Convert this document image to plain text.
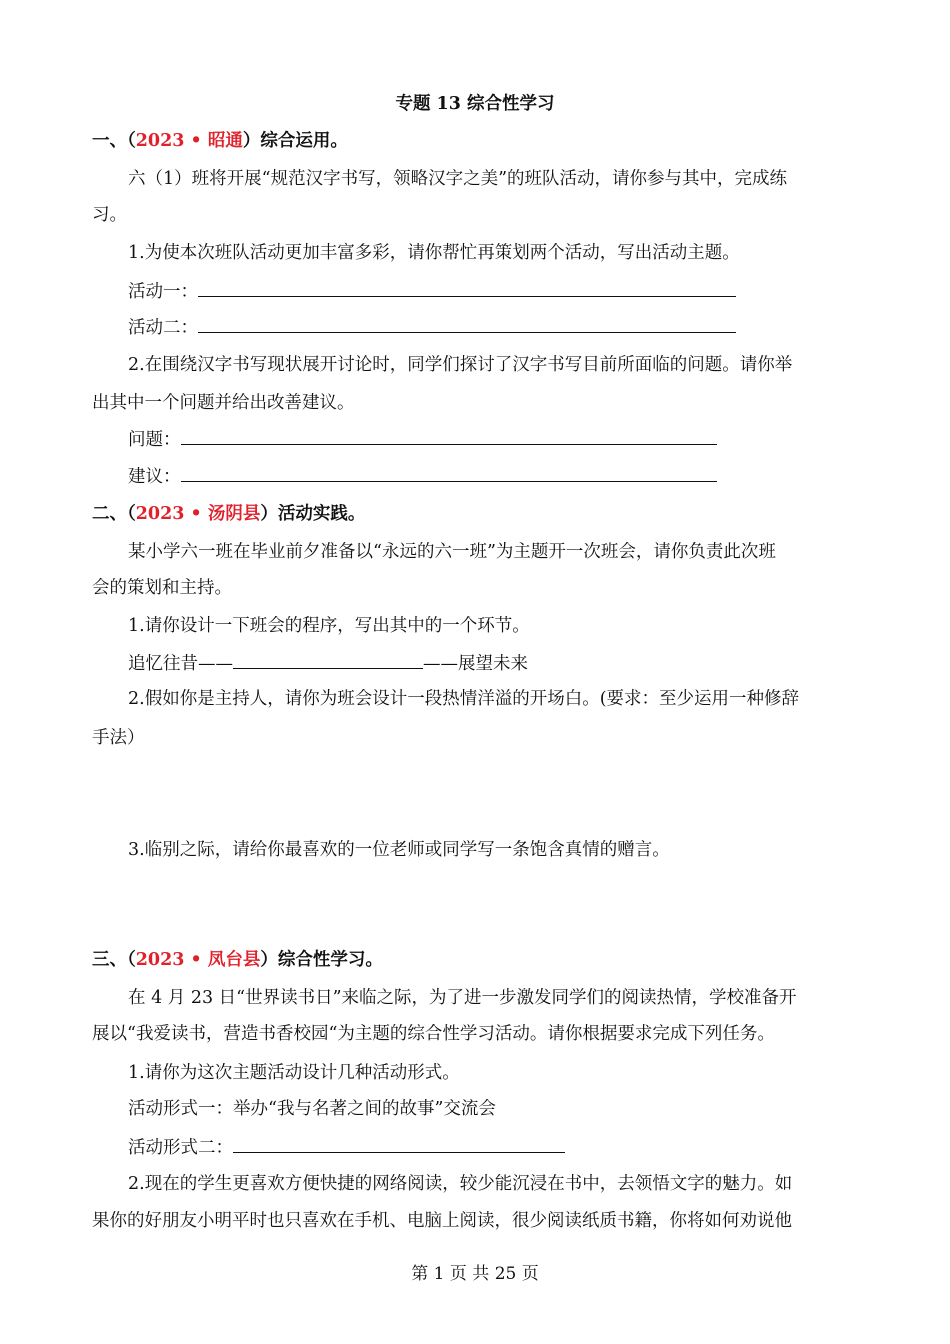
专题 13 综合性学习
一、（2023 • 昭通）综合运用。
六（1）班将开展“规范汉字书写，领略汉字之美”的班队活动，请你参与其中，完成练
习。
1.为使本次班队活动更加丰富多彩，请你帮忙再策划两个活动，写出活动主题。
活动一：
活动二：
2.在围绕汉字书写现状展开讨论时，同学们探讨了汉字书写目前所面临的问题。请你举
出其中一个问题并给出改善建议。
问题：
建议：
二、（2023 • 汤阴县）活动实践。
某小学六一班在毕业前夕准备以“永远的六一班”为主题开一次班会，请你负责此次班
会的策划和主持。
1.请你设计一下班会的程序，写出其中的一个环节。
追忆往昔——	——展望未来
2.假如你是主持人，请你为班会设计一段热情洋溢的开场白。(要求：至少运用一种修辞
手法）
3.临别之际，请给你最喜欢的一位老师或同学写一条饱含真情的赠言。
三、（2023 • 凤台县）综合性学习。
在 4 月 23 日“世界读书日”来临之际，为了进一步激发同学们的阅读热情，学校准备开
展以“我爱读书，营造书香校园“为主题的综合性学习活动。请你根据要求完成下列任务。
1.请你为这次主题活动设计几种活动形式。
活动形式一：举办“我与名著之间的故事”交流会
活动形式二：
2.现在的学生更喜欢方便快捷的网络阅读，较少能沉浸在书中，去领悟文字的魅力。如
果你的好朋友小明平时也只喜欢在手机、电脑上阅读，很少阅读纸质书籍，你将如何劝说他
第 1 页 共 25 页
